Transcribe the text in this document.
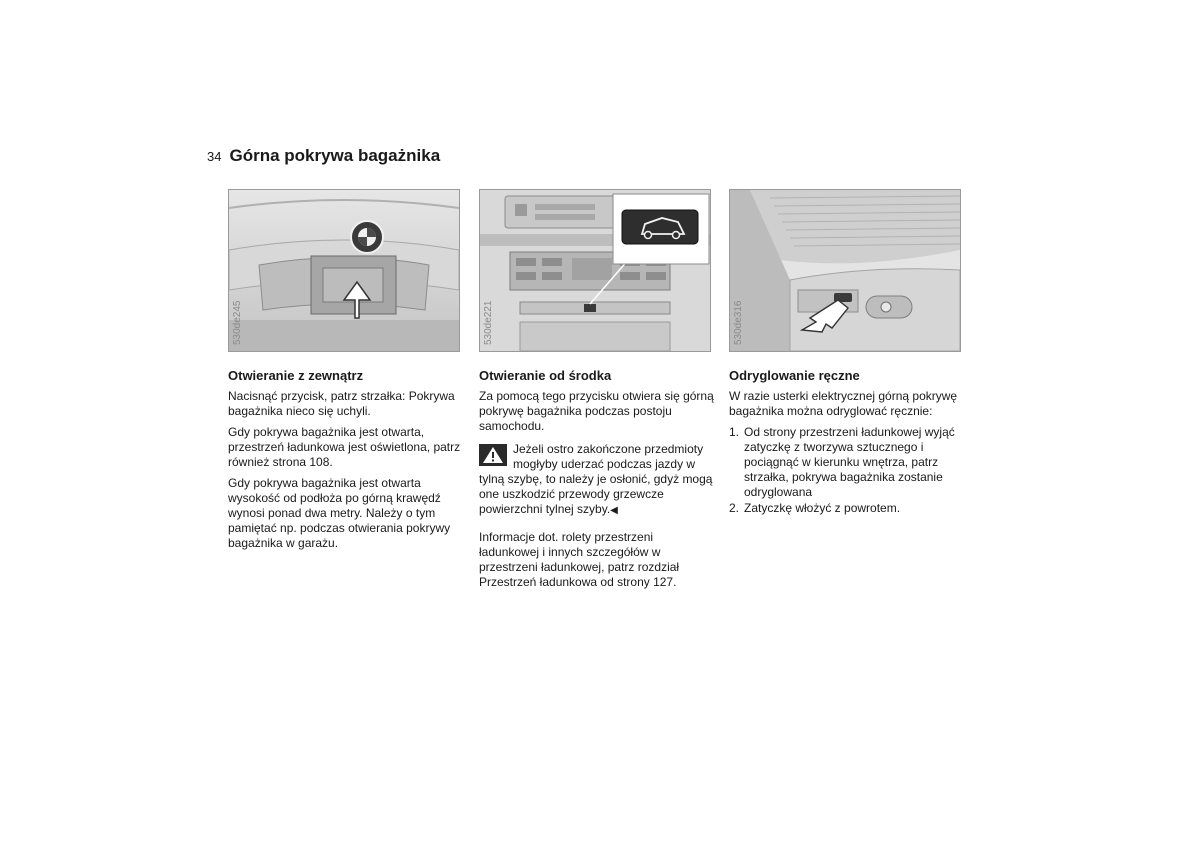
34 Górna pokrywa bagażnika
530de245	530de221	530de316
Otwieranie z zewnątrz

Nacisnąć przycisk, patrz strzałka: Pokrywa bagażnika nieco się uchyli.

Gdy pokrywa bagażnika jest otwarta, przestrzeń ładunkowa jest oświetlona, patrz również strona 108.

Gdy pokrywa bagażnika jest otwarta wysokość od podłoża po górną krawędź wynosi ponad dwa metry. Należy o tym pamiętać np. podczas otwierania pokrywy bagażnika w garażu.

Otwieranie od środka

Za pomocą tego przycisku otwiera się górną pokrywę bagażnika podczas postoju samochodu.

Jeżeli ostro zakończone przedmioty mogłyby uderzać podczas jazdy w tylną szybę, to należy je osłonić, gdyż mogą one uszkodzić przewody grzewcze powierzchni tylnej szyby.◀

Informacje dot. rolety przestrzeni ładunkowej i innych szczegółów w przestrzeni ładunkowej, patrz rozdział Przestrzeń ładunkowa od strony 127.

Odryglowanie ręczne

W razie usterki elektrycznej górną pokrywę bagażnika można odryglować ręcznie:

1. Od strony przestrzeni ładunkowej wyjąć zatyczkę z tworzywa sztucznego i pociągnąć w kierunku wnętrza, patrz strzałka, pokrywa bagażnika zostanie odryglowana
2. Zatyczkę włożyć z powrotem.
